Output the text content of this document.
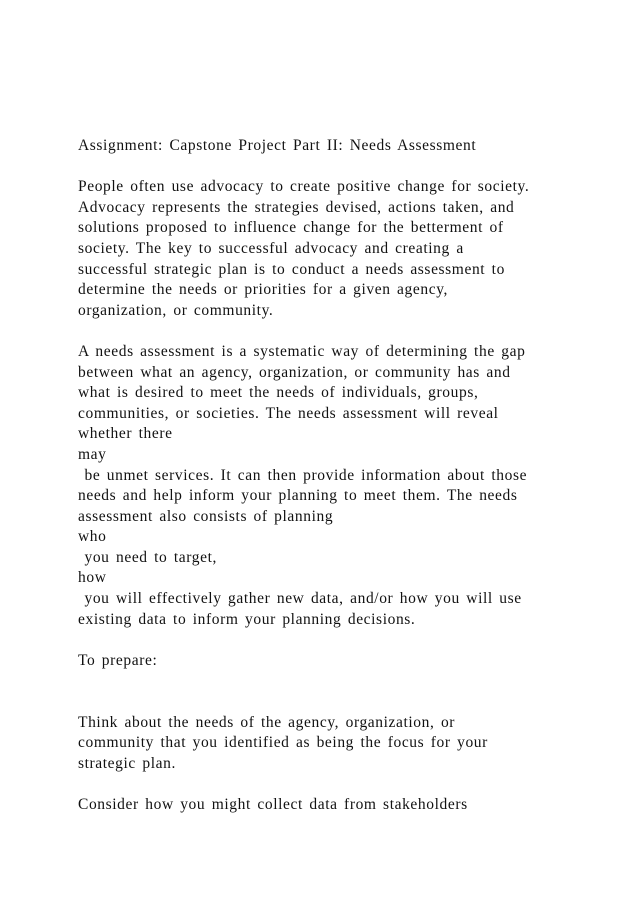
Assignment: Capstone Project Part II: Needs Assessment
People often use advocacy to create positive change for society.
Advocacy represents the strategies devised, actions taken, and
solutions proposed to influence change for the betterment of
society. The key to successful advocacy and creating a
successful strategic plan is to conduct a needs assessment to
determine the needs or priorities for a given agency,
organization, or community.
A needs assessment is a systematic way of determining the gap
between what an agency, organization, or community has and
what is desired to meet the needs of individuals, groups,
communities, or societies. The needs assessment will reveal
whether there
may
be unmet services. It can then provide information about those
needs and help inform your planning to meet them. The needs
assessment also consists of planning
who
you need to target,
how
you will effectively gather new data, and/or how you will use
existing data to inform your planning decisions.
To prepare:
Think about the needs of the agency, organization, or
community that you identified as being the focus for your
strategic plan.
Consider how you might collect data from stakeholders
